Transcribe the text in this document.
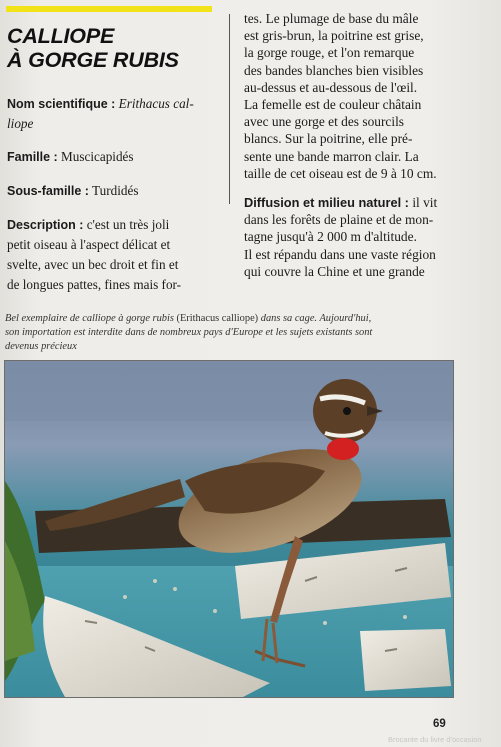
CALLIOPE
À GORGE RUBIS
Nom scientifique : Erithacus cal-
liope
Famille : Muscicapidés
Sous-famille : Turdidés
Description : c'est un très joli
petit oiseau à l'aspect délicat et
svelte, avec un bec droit et fin et
de longues pattes, fines mais for-
tes. Le plumage de base du mâle
est gris-brun, la poitrine est grise,
la gorge rouge, et l'on remarque
des bandes blanches bien visibles
au-dessus et au-dessous de l'œil.
La femelle est de couleur châtain
avec une gorge et des sourcils
blancs. Sur la poitrine, elle pré-
sente une bande marron clair. La
taille de cet oiseau est de 9 à 10 cm.
Diffusion et milieu naturel : il vit
dans les forêts de plaine et de mon-
tagne jusqu'à 2 000 m d'altitude.
Il est répandu dans une vaste région
qui couvre la Chine et une grande
Bel exemplaire de calliope à gorge rubis (Erithacus calliope) dans sa cage. Aujourd'hui,
son importation est interdite dans de nombreux pays d'Europe et les sujets existants sont
devenus précieux
69
Brocante du livre d'occasion
